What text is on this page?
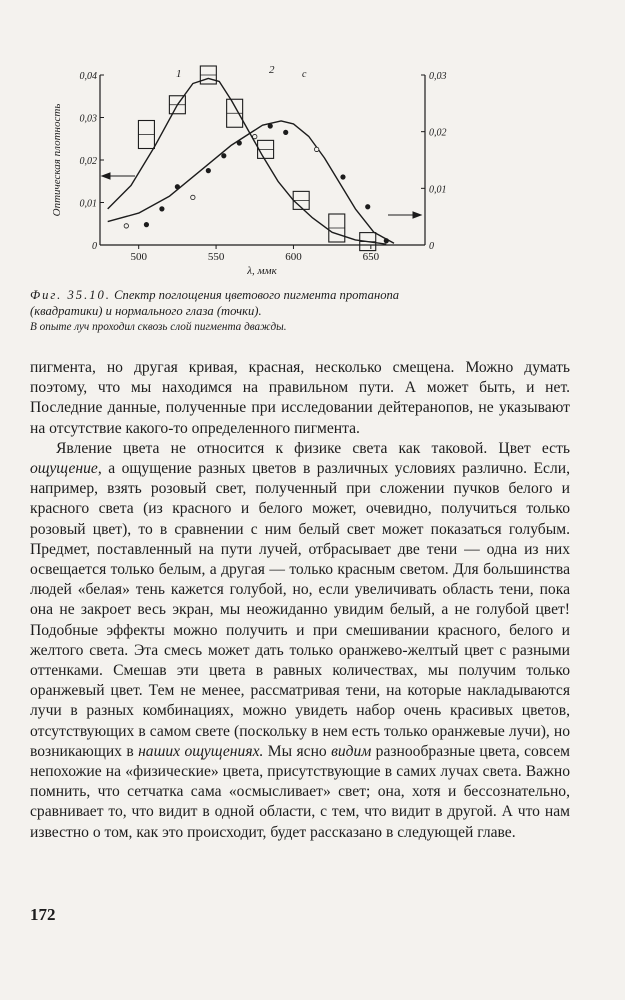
500	550	600	650
0
0,01
0,02
0,03
0,04
0
0,01
0,02
0,03
Оптическая плотность
λ, ммк
1	2	c

Фиг. 35.10. Спектр поглощения цветового пигмента протанопа (квадратики) и нормального глаза (точки).
В опыте луч проходил сквозь слой пигмента дважды.

пигмента, но другая кривая, красная, несколько смещена. Можно думать поэтому, что мы находимся на правильном пути. А может быть, и нет. Последние данные, полученные при исследовании дейтеранопов, не указывают на отсутствие какого-то определенного пигмента.

Явление цвета не относится к физике света как таковой. Цвет есть ощущение, а ощущение разных цветов в различных условиях различно. Если, например, взять розовый свет, полученный при сложении пучков белого и красного света (из красного и белого может, очевидно, получиться только розовый цвет), то в сравнении с ним белый свет может показаться голубым. Предмет, поставленный на пути лучей, отбрасывает две тени — одна из них освещается только белым, а другая — только красным светом. Для большинства людей «белая» тень кажется голубой, но, если увеличивать область тени, пока она не закроет весь экран, мы неожиданно увидим белый, а не голубой цвет! Подобные эффекты можно получить и при смешивании красного, белого и желтого света. Эта смесь может дать только оранжево-желтый цвет с разными оттенками. Смешав эти цвета в равных количествах, мы получим только оранжевый цвет. Тем не менее, рассматривая тени, на которые накладываются лучи в разных комбинациях, можно увидеть набор очень красивых цветов, отсутствующих в самом свете (поскольку в нем есть только оранжевые лучи), но возникающих в наших ощущениях. Мы ясно видим разнообразные цвета, совсем непохожие на «физические» цвета, присутствующие в самих лучах света. Важно помнить, что сетчатка сама «осмысливает» свет; она, хотя и бессознательно, сравнивает то, что видит в одной области, с тем, что видит в другой. А что нам известно о том, как это происходит, будет рассказано в следующей главе.

172
